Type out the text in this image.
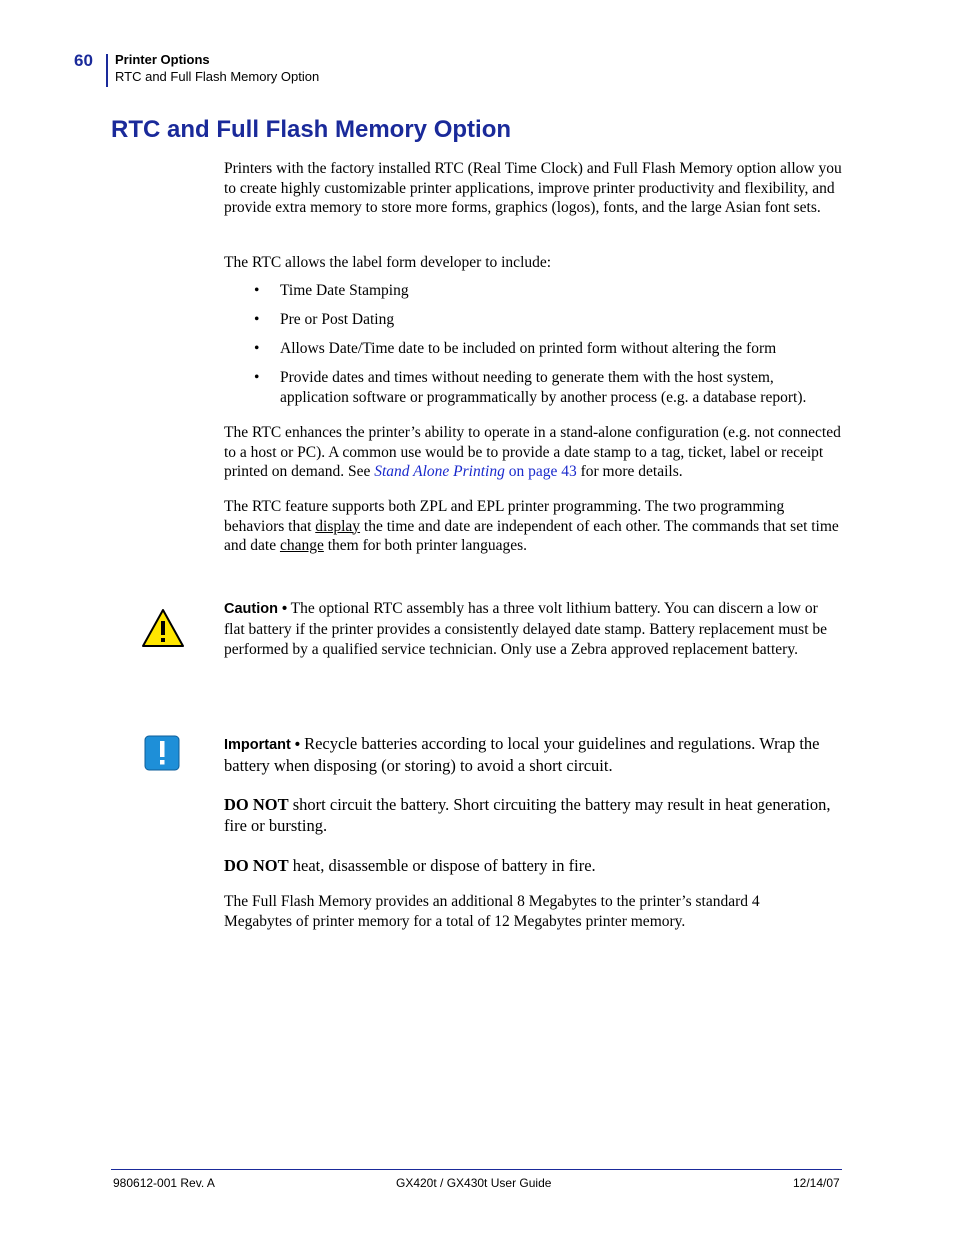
60 Printer Options
RTC and Full Flash Memory Option
RTC and Full Flash Memory Option

Printers with the factory installed RTC (Real Time Clock) and Full Flash Memory option allow you to create highly customizable printer applications, improve printer productivity and flexibility, and provide extra memory to store more forms, graphics (logos), fonts, and the large Asian font sets.

The RTC allows the label form developer to include:

• Time Date Stamping
• Pre or Post Dating
• Allows Date/Time date to be included on printed form without altering the form
• Provide dates and times without needing to generate them with the host system, application software or programmatically by another process (e.g. a database report).

The RTC enhances the printer’s ability to operate in a stand-alone configuration (e.g. not connected to a host or PC). A common use would be to provide a date stamp to a tag, ticket, label or receipt printed on demand. See Stand Alone Printing on page 43 for more details.

The RTC feature supports both ZPL and EPL printer programming. The two programming behaviors that display the time and date are independent of each other. The commands that set time and date change them for both printer languages.

Caution • The optional RTC assembly has a three volt lithium battery. You can discern a low or flat battery if the printer provides a consistently delayed date stamp. Battery replacement must be performed by a qualified service technician. Only use a Zebra approved replacement battery.

Important • Recycle batteries according to local your guidelines and regulations. Wrap the battery when disposing (or storing) to avoid a short circuit.

DO NOT short circuit the battery. Short circuiting the battery may result in heat generation, fire or bursting.

DO NOT heat, disassemble or dispose of battery in fire.

The Full Flash Memory provides an additional 8 Megabytes to the printer’s standard 4 Megabytes of printer memory for a total of 12 Megabytes printer memory.

980612-001 Rev. A	GX420t / GX430t User Guide	12/14/07
